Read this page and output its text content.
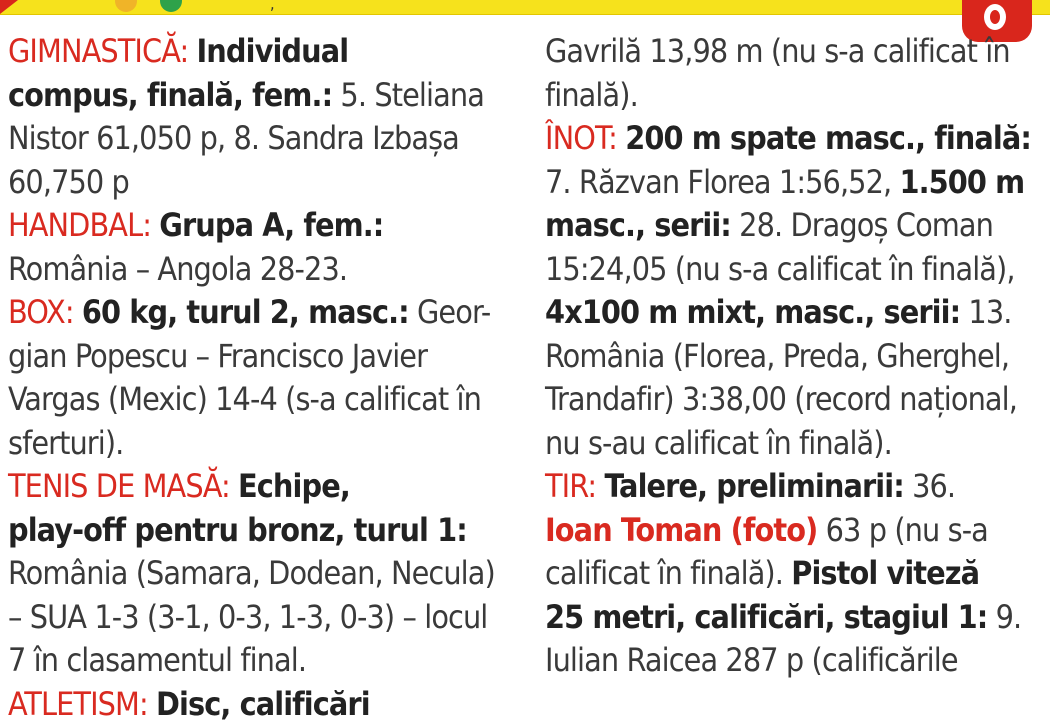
,
GIMNASTICĂ: Individual
compus, finală, fem.: 5. Steliana
Nistor 61,050 p, 8. Sandra Izbașa
60,750 p
HANDBAL: Grupa A, fem.:
România – Angola 28-23.
BOX: 60 kg, turul 2, masc.: Geor-
gian Popescu – Francisco Javier
Vargas (Mexic) 14-4 (s-a calificat în
sferturi).
TENIS DE MASĂ: Echipe,
play-off pentru bronz, turul 1:
România (Samara, Dodean, Necula)
– SUA 1-3 (3-1, 0-3, 1-3, 0-3) – locul
7 în clasamentul final.
ATLETISM: Disc, calificări
Gavrilă 13,98 m (nu s-a calificat în
finală).
ÎNOT: 200 m spate masc., finală:
7. Răzvan Florea 1:56,52, 1.500 m
masc., serii: 28. Dragoș Coman
15:24,05 (nu s-a calificat în finală),
4x100 m mixt, masc., serii: 13.
România (Florea, Preda, Gherghel,
Trandafir) 3:38,00 (record național,
nu s-au calificat în finală).
TIR: Talere, preliminarii: 36.
Ioan Toman (foto) 63 p (nu s-a
calificat în finală). Pistol viteză
25 metri, calificări, stagiul 1: 9.
Iulian Raicea 287 p (calificările
